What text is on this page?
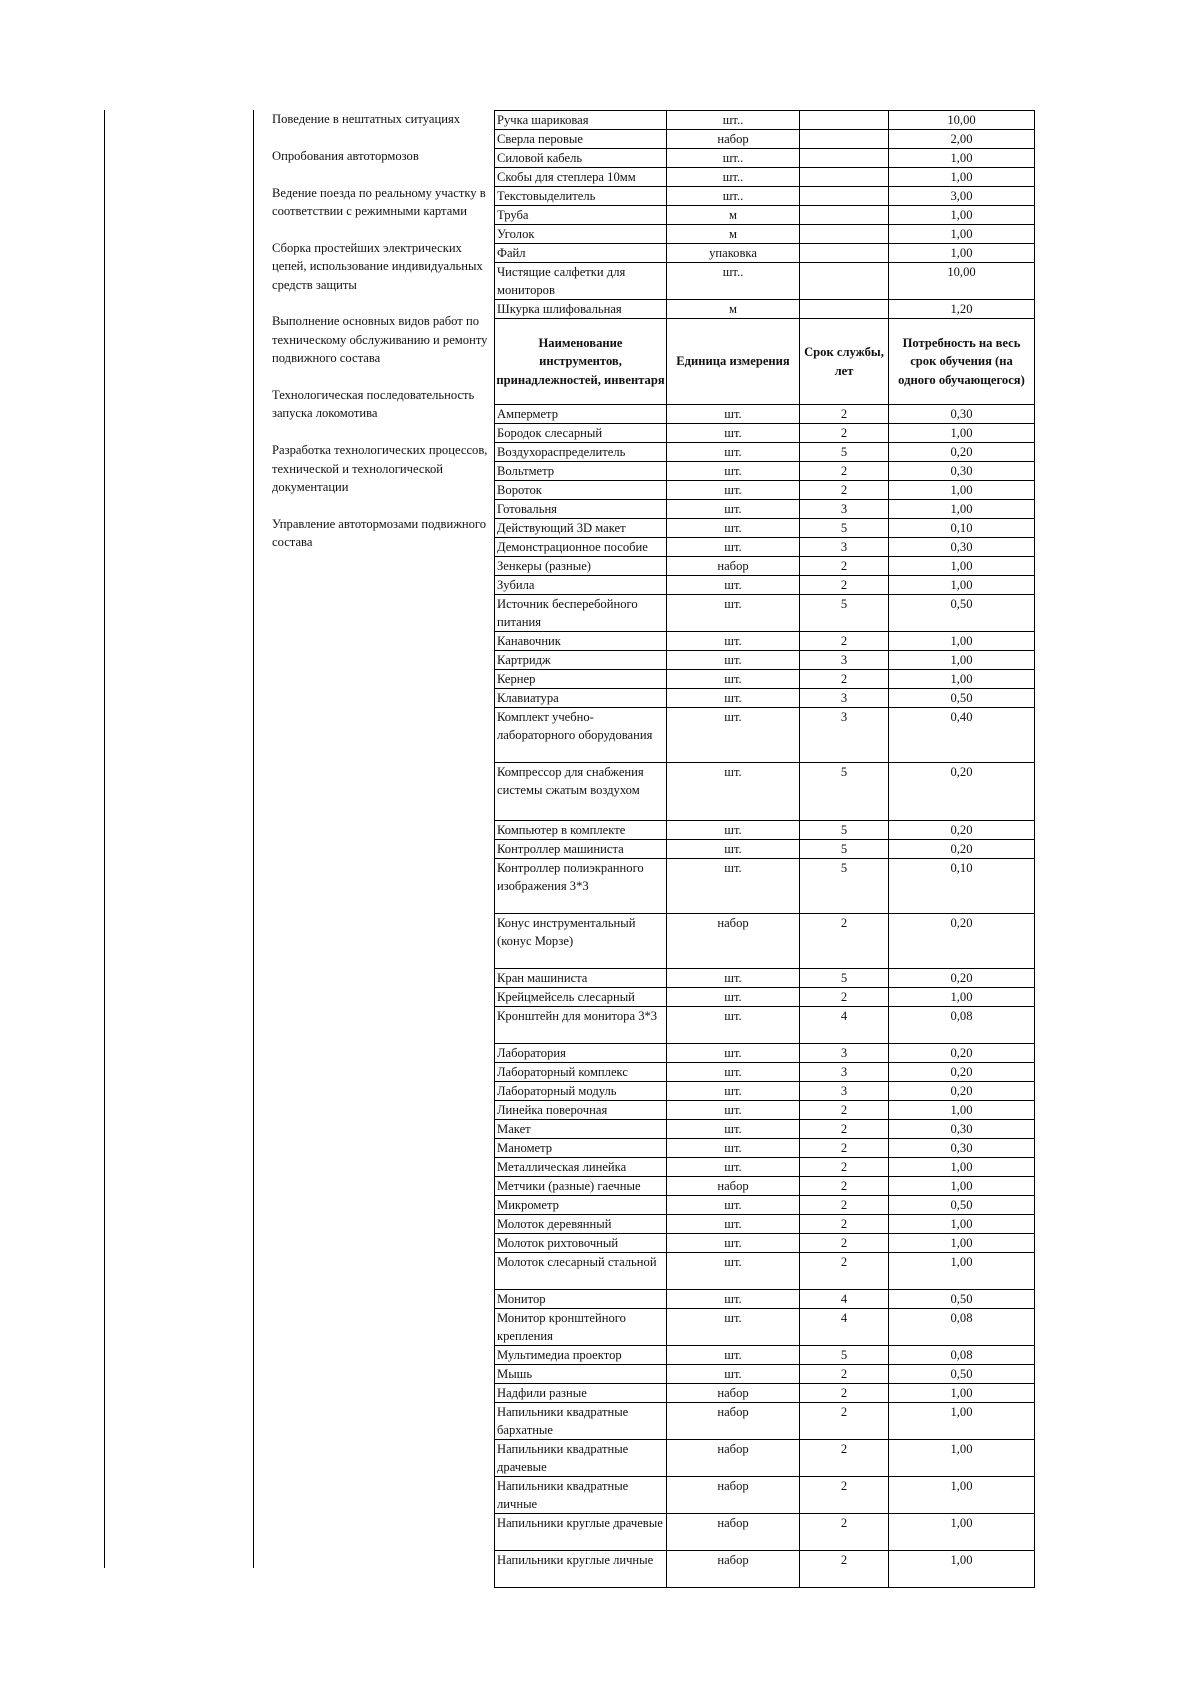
Поведение в нештатных ситуациях
Опробования автотормозов
Ведение поезда по реальному участку в соответствии с режимными картами
Сборка простейших электрических цепей, использование индивидуальных средств защиты
Выполнение основных видов работ по техническому обслуживанию и ремонту подвижного состава
Технологическая последовательность запуска локомотива
Разработка технологических процессов, технической и технологической документации
Управление автотормозами подвижного состава
Ручка шариковая	шт..		10,00
Сверла перовые	набор		2,00
Силовой кабель	шт..		1,00
Скобы для степлера 10мм	шт..		1,00
Текстовыделитель	шт..		3,00
Труба	м		1,00
Уголок	м		1,00
Файл	упаковка		1,00
Чистящие салфетки для мониторов	шт..		10,00
Шкурка шлифовальная	м		1,20
Наименование инструментов, принадлежностей, инвентаря	Единица измерения	Срок службы, лет	Потребность на весь срок обучения (на одного обучающегося)
Амперметр	шт.	2	0,30
Бородок слесарный	шт.	2	1,00
Воздухораспределитель	шт.	5	0,20
Вольтметр	шт.	2	0,30
Вороток	шт.	2	1,00
Готовальня	шт.	3	1,00
Действующий 3D макет	шт.	5	0,10
Демонстрационное пособие	шт.	3	0,30
Зенкеры (разные)	набор	2	1,00
Зубила	шт.	2	1,00
Источник бесперебойного питания	шт.	5	0,50
Канавочник	шт.	2	1,00
Картридж	шт.	3	1,00
Кернер	шт.	2	1,00
Клавиатура	шт.	3	0,50
Комплект учебно-лабораторного оборудования	шт.	3	0,40
Компрессор для снабжения системы сжатым воздухом	шт.	5	0,20
Компьютер в комплекте	шт.	5	0,20
Контроллер машиниста	шт.	5	0,20
Контроллер полиэкранного изображения 3*3	шт.	5	0,10
Конус инструментальный (конус Морзе)	набор	2	0,20
Кран машиниста	шт.	5	0,20
Крейцмейсель слесарный	шт.	2	1,00
Кронштейн для монитора 3*3	шт.	4	0,08
Лаборатория	шт.	3	0,20
Лабораторный комплекс	шт.	3	0,20
Лабораторный модуль	шт.	3	0,20
Линейка поверочная	шт.	2	1,00
Макет	шт.	2	0,30
Манометр	шт.	2	0,30
Металлическая линейка	шт.	2	1,00
Метчики (разные) гаечные	набор	2	1,00
Микрометр	шт.	2	0,50
Молоток деревянный	шт.	2	1,00
Молоток рихтовочный	шт.	2	1,00
Молоток слесарный стальной	шт.	2	1,00
Монитор	шт.	4	0,50
Монитор кронштейного крепления	шт.	4	0,08
Мультимедиа проектор	шт.	5	0,08
Мышь	шт.	2	0,50
Надфили разные	набор	2	1,00
Напильники квадратные бархатные	набор	2	1,00
Напильники квадратные драчевые	набор	2	1,00
Напильники квадратные личные	набор	2	1,00
Напильники круглые драчевые	набор	2	1,00
Напильники круглые личные	набор	2	1,00
